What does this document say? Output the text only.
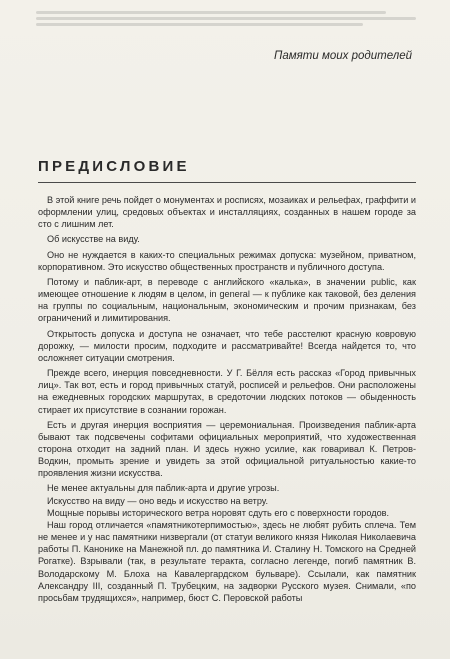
Памяти моих родителей
ПРЕДИСЛОВИЕ

В этой книге речь пойдет о монументах и росписях, мозаиках и рельефах, граффити и оформлении улиц, средовых объектах и инсталляциях, созданных в нашем городе за сто с лишним лет.

Об искусстве на виду.

Оно не нуждается в каких-то специальных режимах допуска: музейном, приватном, корпоративном. Это искусство общественных пространств и публичного доступа.

Потому и паблик-арт, в переводе с английского «калька», в значении public, как имеющее отношение к людям в целом, in general — к публике как таковой, без деления на группы по социальным, национальным, экономическим и прочим признакам, без ограничений и лимитирования.

Открытость допуска и доступа не означает, что тебе расстелют красную ковровую дорожку, — милости просим, подходите и рассматривайте! Всегда найдется то, что осложняет ситуации смотрения.

Прежде всего, инерция повседневности. У Г. Бёлля есть рассказ «Город привычных лиц». Так вот, есть и город привычных статуй, росписей и рельефов. Они расположены на ежедневных городских маршрутах, в средоточии людских потоков — обыденность стирает их присутствие в сознании горожан.

Есть и другая инерция восприятия — церемониальная. Произведения паблик-арта бывают так подсвечены софитами официальных мероприятий, что художественная сторона отходит на задний план. И здесь нужно усилие, как говаривал К. Петров-Водкин, промыть зрение и увидеть за этой официальной ритуальностью какие-то проявления жизни искусства.

Не менее актуальны для паблик-арта и другие угрозы.

Искусство на виду — оно ведь и искусство на ветру.

Мощные порывы исторического ветра норовят сдуть его с поверхности городов.

Наш город отличается «памятникотерпимостью», здесь не любят рубить сплеча. Тем не менее и у нас памятники низвергали (от статуи великого князя Николая Николаевича работы П. Канонике на Манежной пл. до памятника И. Сталину Н. Томского на Средней Рогатке). Взрывали (так, в результате теракта, согласно легенде, погиб памятник В. Володарскому М. Блоха на Кавалергардском бульваре). Ссылали, как памятник Александру III, созданный П. Трубецким, на задворки Русского музея. Снимали, «по просьбам трудящихся», например, бюст С. Перовской работы
